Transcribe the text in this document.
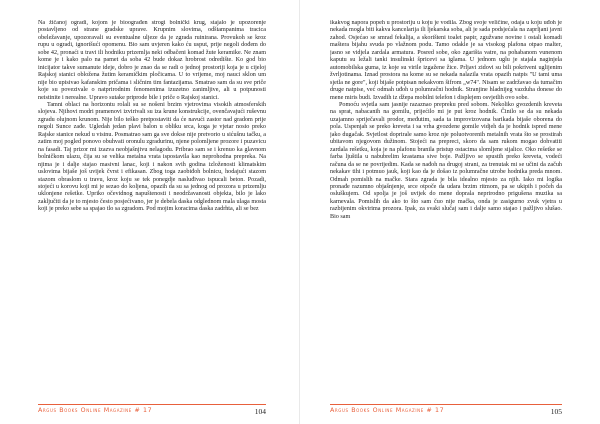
Na žičanoj ogradi, kojom je bioograđen strogi bolnički krug, stajalo je upozorenje postavljeno od strane gradske uprave. Krupnim slovima, odštampanima tracica obeležavanje, upozoravali su eventualne uljeze da je zgrada ruinirana. Provukoh se kroz rupu u ogradi, ignorišući opomenu. Bio sam uvjeren kako ću usput, prije negoli dođem do sobe 42, pronaći u travi ili hodniku prizemlja neki odbačeni komad žute keramike. Ne znam kome je i kako palo na pamet da soba 42 bude dokaz hrobrost odredište. Ko god bio inicijator takve sumanute ideje, dobro je znao da se radi o jednoj prostoriji koja je u cijeloj Rajskoj stanici obložena žutim keramičkim pločicama. U to vrijeme, moj nauci sklon um nije bio upisivao kafanskim pričama i sličnim tim fantazijama. Smatrao sam da su sve priče koje su povezivale o natprirodnim fenomenima izuzetno zanimljive, ali u potpunosti neistinite i nerealne. Upravo sutake priprode bile i priče o Rajskoj stanici.

Tamni oblaci na horizontu rolali su se nošeni brzim vjetrovima visokih atmosferskih slojeva. Njihovi modri pramenovi izvirivali su iza krune konstrukcije, ovenčavajući ruševnu zgradu olujnom krunom. Nije bilo teško pretpostaviti da će navući zastor nad gradom prije negoli Sunce zađe. Ugledah jedan plavi balon u obliku srca, koga je vjetar nosio preko Rajske stanice nekud u visinu. Posmatrao sam ga sve dokse nije pretvorio u sićušnu tačku, a zatim moj pogled ponovo obuhvati oronulu zgradurinu, njene polomljene prozore i puzavicu na fasadi. Taj prizor mi izazva neobjašnjivu nelagodu. Pribrao sam se i krenuo ka glavnom bolničkom ulazu, čija su se velika metalna vrata ispostavila kao neprohodna prepreka. Na njima je i dalje stajao masivni lanac, koji i nakon svih godina izloženosti klimatskim uslovima bijaše još uvijek čvrst i efikasan. Zbog toga zaobiđoh bolnicu, hodajući stazom stazom obraslom u travu, kroz koju se tek ponegdje nasluđivao ispucali beton. Pozadi, stojeći u korovu koji mi je sezao do koljena, opazih da su sa jednog od prozora u prizemlju uklonjene rešetke. Upriko očevidnog napuštenosti i neodržavanosti objekta, bilo je lako zaključiti da je to mjesto često posjećivano, jer je debela daska odglednom mala ulaga mosta koji je preko sebe sa spajao tlo sa zgradom. Pod mojim koracima daska zadrhta, ali se bez

Argus Books Online Magazine # 17	104

ikakvog napora popeh u prostoriju u koju je vodila. Zbog svoje veličine, odaja u koju uđoh je nekada mogla biti kakva kancelarija ili ljekarska soba, ali je sada podsjećala na zaprljani javni zahod. Osjećao se smrad fekalija, a skorišteni toalet papir, zgužvane novine i ostali komadi mašterа bijahu svuda po vlažnom podu. Tamo odakle je sa visokog plafona otpao malter, jasno se vidjela zardala armatura. Posred sobe, oko zgarišta vatre, na pohabanom vunenom kaputu su ležali tanki insulinski špricevi sa iglama. U jednom uglu je stajala naginjela automobilska guma, iz koje su virile izgažene žice. Prljavi zidovi su bili pokriveni uglijenim žvrljotinama. Iznad prostora na kome su se nekada nalazila vrata opazih natpis "U tami uma sjetla ne gore", koji bijaše potpisan nekakvom šifrom „w74". Nisam se zadržavao da tumačim druge natpise, već odmah uđoh u polumračni hodnik. Stranjine hladnijeg vazduha donese do mene miris budi. Izvadih iz džepa mobilni telefon i displejem osvjetlih ovo sobe.

Pomoću svjetla sam jasnije razaznao prepreku pred sobom. Nekoliko gvozdenih kreveta na sprat, nabacanih na gomilu, prijećilo mi je put kroz hodnik. Činilo se da su nekada uzajamno spriječavali prodor, međutim, sada ta improvizovana barikada bijaše oborena do pola. Uspenjah se preko kreveta i sa vrha gvozdene gomile vidjeh da je hodnik ispred mene jako dugačak. Svjetlost doprirale samo kroz nje poluotvorenih metalnih vrata što se prostirah ubitavom njegovom dužinom. Stojeći na prepreci, skoro da sam rukom mogao dohvatiti zardala rešetku, koja je na plafonu branila pristup ostacima slomljene sijalice. Oko rešetke se farba ljuštila u nabubrelim krastama sive boje. Pažljivo se spustih preko kreveta, vodeći računa da se ne povrijedim. Kada se nađoh na drugoj strani, za trenutak mi se učini da začuh nekakav tihi i potmuo jauk, koji kao da je došao iz polumračne utrobe hodnika preda mnom. Odmah pomislih na mačke. Stara zgrada je bila idealno mjesto za njih. Iako mi logika pronađe razumno objašnjenje, srce otpoče da udara brzim ritmom, pa se ukipih i počeh da osluškujem. Od spolja je još uvijek do mene doprala neprirodno prigušena muzika sa karnevala. Pomislih da ako to što sam čuo nije mačka, onda je zasigurno zvuk vjetra u razbijenim okvirima prozora. Ipak, za svaki slučaj sam i dalje samo stajao i pažljivo slušao. Bio sam

Argus Books Online Magazine # 17	105
